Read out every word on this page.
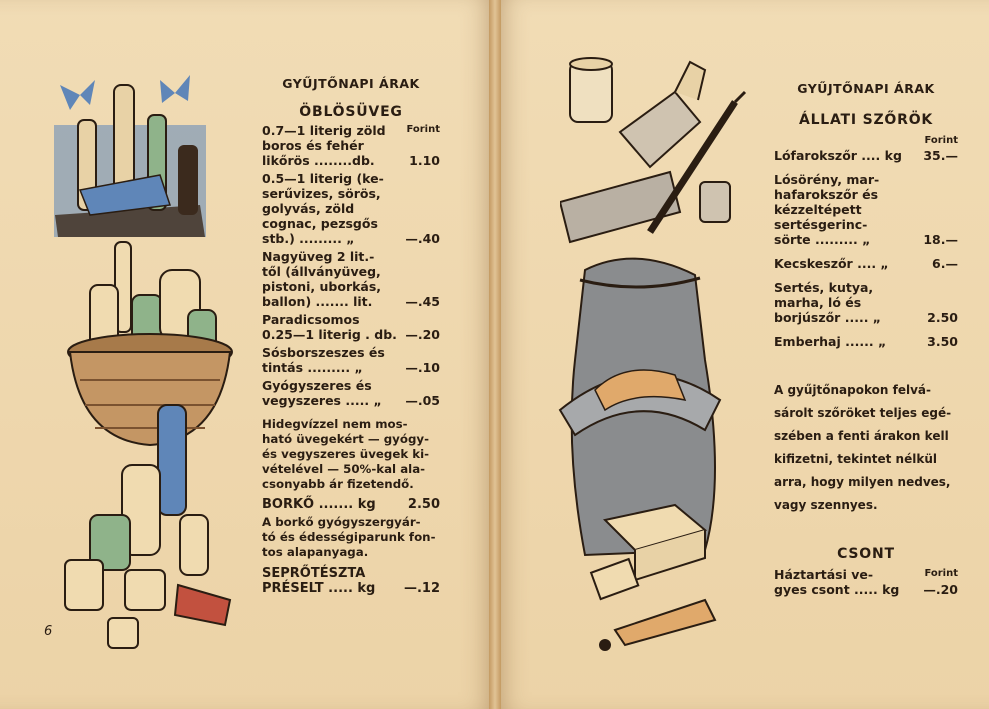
GYŰJTŐNAPI ÁRAK
ÖBLÖSÜVEG
Forint
0.7—1 literig zöld
boros és fehér
likőrös ........db.	1.10
0.5—1 literig (ke-
serűvizes, sörös,
golyvás, zöld
cognac, pezsgős
stb.) ......... „	—.40
Nagyüveg 2 lit.-
től (állványüveg,
pistoni, uborkás,
ballon) ....... lit.	—.45
Paradicsomos
0.25—1 literig . db. —.20
Sósborszeszes és
tintás ......... „	—.10
Gyógyszeres és
vegyszeres ..... „	—.05
Hidegvízzel nem mos-
ható üvegekért — gyógy-
és vegyszeres üvegek ki-
vételével — 50%-kal ala-
csonyabb ár fizetendő.
BORKŐ ....... kg	2.50
A borkő gyógyszergyár-
tó és édességiparunk fon-
tos alapanyaga.
SEPRŐTÉSZTA
PRÉSELT ..... kg	—.12
6
GYŰJTŐNAPI ÁRAK
ÁLLATI SZŐRÖK
Forint
Lófarokszőr .... kg	35.—
Lósörény, mar-
hafarokszőr és
kézzeltépett
sertésgerinc-
sörte ......... „	18.—
Kecskeszőr .... „	6.—
Sertés, kutya,
marha, ló és
borjúszőr ..... „	2.50
Emberhaj ...... „	3.50
A gyűjtőnapokon felvá-
sárolt szőröket teljes egé-
szében a fenti árakon kell
kifizetni, tekintet nélkül
arra, hogy milyen nedves,
vagy szennyes.
CSONT
Forint
Háztartási ve-
gyes csont ..... kg	—.20
